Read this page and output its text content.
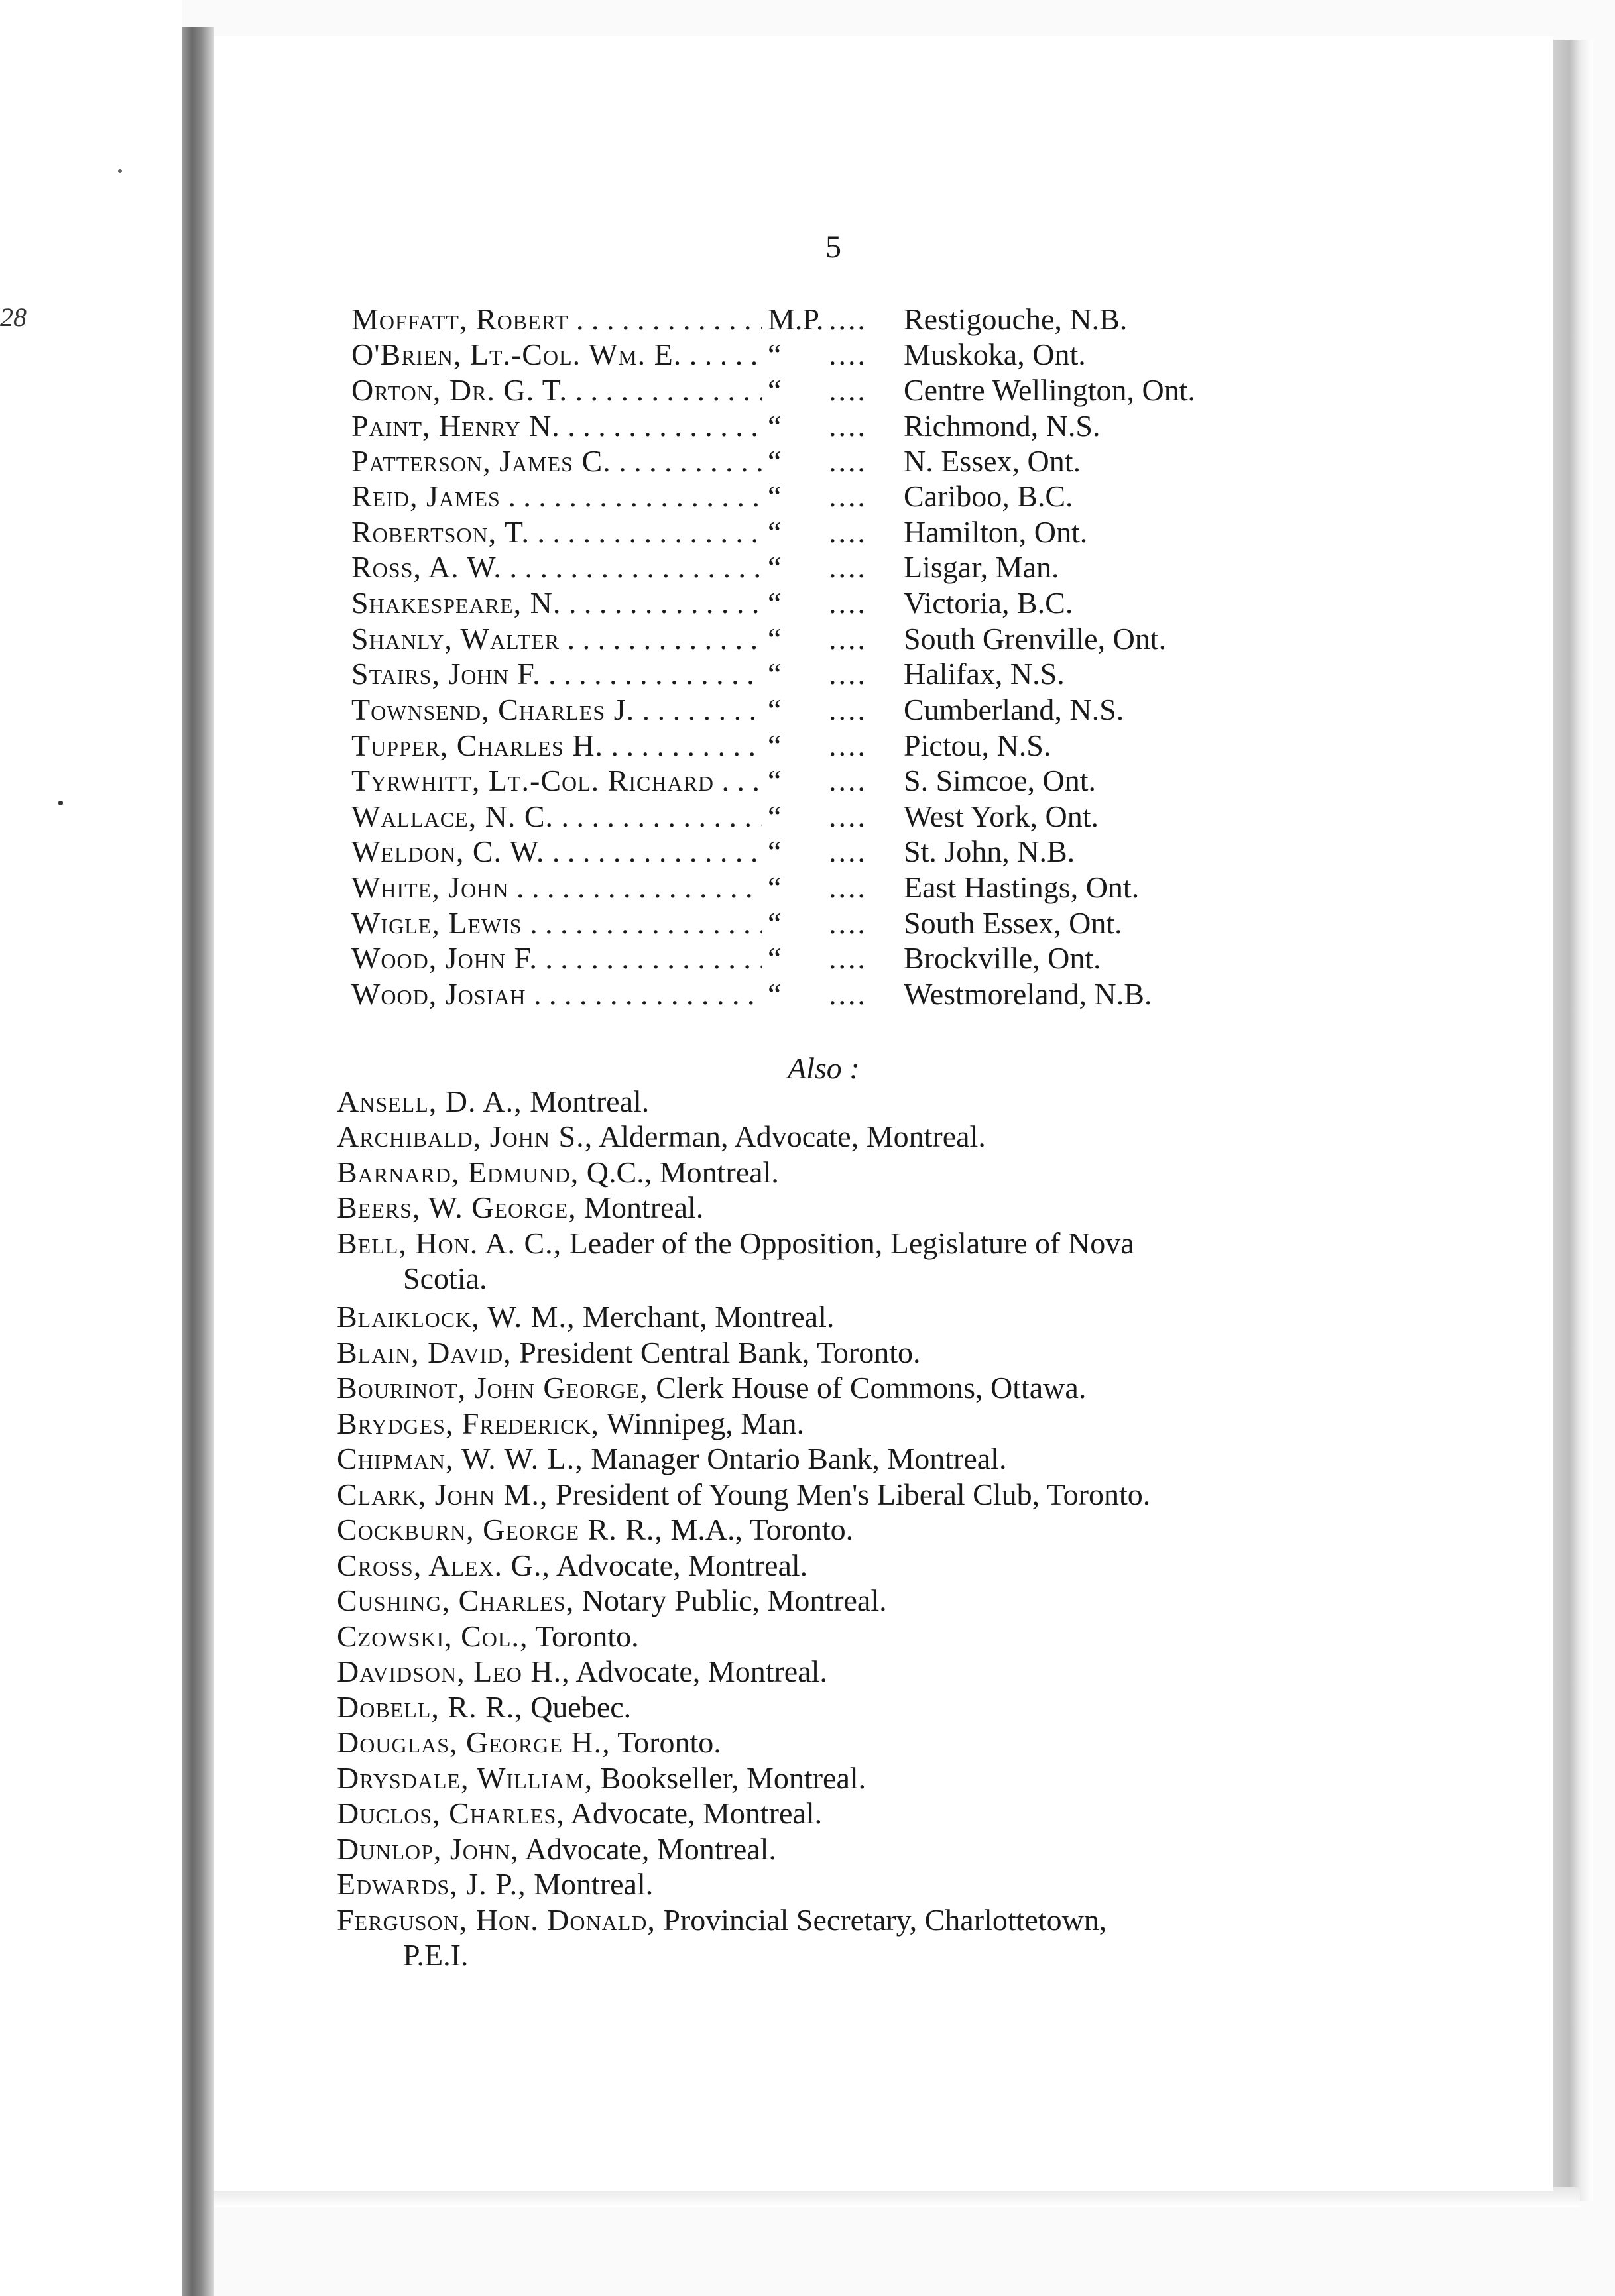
28
5
Moffatt, Robert . . .	M.P. ....	Restigouche, N.B.
O'Brien, Lt.-Col. Wm. E. . . .	“ ....	Muskoka, Ont.
Orton, Dr. G. T. . . .	“ ....	Centre Wellington, Ont.
Paint, Henry N. . . .	“ ....	Richmond, N.S.
Patterson, James C. . . .	“ ....	N. Essex, Ont.
Reid, James . . .	“ ....	Cariboo, B.C.
Robertson, T. . . .	“ ....	Hamilton, Ont.
Ross, A. W. . . .	“ ....	Lisgar, Man.
Shakespeare, N. . . .	“ ....	Victoria, B.C.
Shanly, Walter . . .	“ ....	South Grenville, Ont.
Stairs, John F. . . .	“ ....	Halifax, N.S.
Townsend, Charles J. . . .	“ ....	Cumberland, N.S.
Tupper, Charles H. . . .	“ ....	Pictou, N.S.
Tyrwhitt, Lt.-Col. Richard . . .	“ ....	S. Simcoe, Ont.
Wallace, N. C. . . .	“ ....	West York, Ont.
Weldon, C. W. . . .	“ ....	St. John, N.B.
White, John . . .	“ ....	East Hastings, Ont.
Wigle, Lewis . . .	“ ....	South Essex, Ont.
Wood, John F. . . .	“ ....	Brockville, Ont.
Wood, Josiah . . .	“ ....	Westmoreland, N.B.
Also :
Ansell, D. A., Montreal.
Archibald, John S., Alderman, Advocate, Montreal.
Barnard, Edmund, Q.C., Montreal.
Beers, W. George, Montreal.
Bell, Hon. A. C., Leader of the Opposition, Legislature of Nova
Scotia.
Blaiklock, W. M., Merchant, Montreal.
Blain, David, President Central Bank, Toronto.
Bourinot, John George, Clerk House of Commons, Ottawa.
Brydges, Frederick, Winnipeg, Man.
Chipman, W. W. L., Manager Ontario Bank, Montreal.
Clark, John M., President of Young Men's Liberal Club, Toronto.
Cockburn, George R. R., M.A., Toronto.
Cross, Alex. G., Advocate, Montreal.
Cushing, Charles, Notary Public, Montreal.
Czowski, Col., Toronto.
Davidson, Leo H., Advocate, Montreal.
Dobell, R. R., Quebec.
Douglas, George H., Toronto.
Drysdale, William, Bookseller, Montreal.
Duclos, Charles, Advocate, Montreal.
Dunlop, John, Advocate, Montreal.
Edwards, J. P., Montreal.
Ferguson, Hon. Donald, Provincial Secretary, Charlottetown,
P.E.I.
